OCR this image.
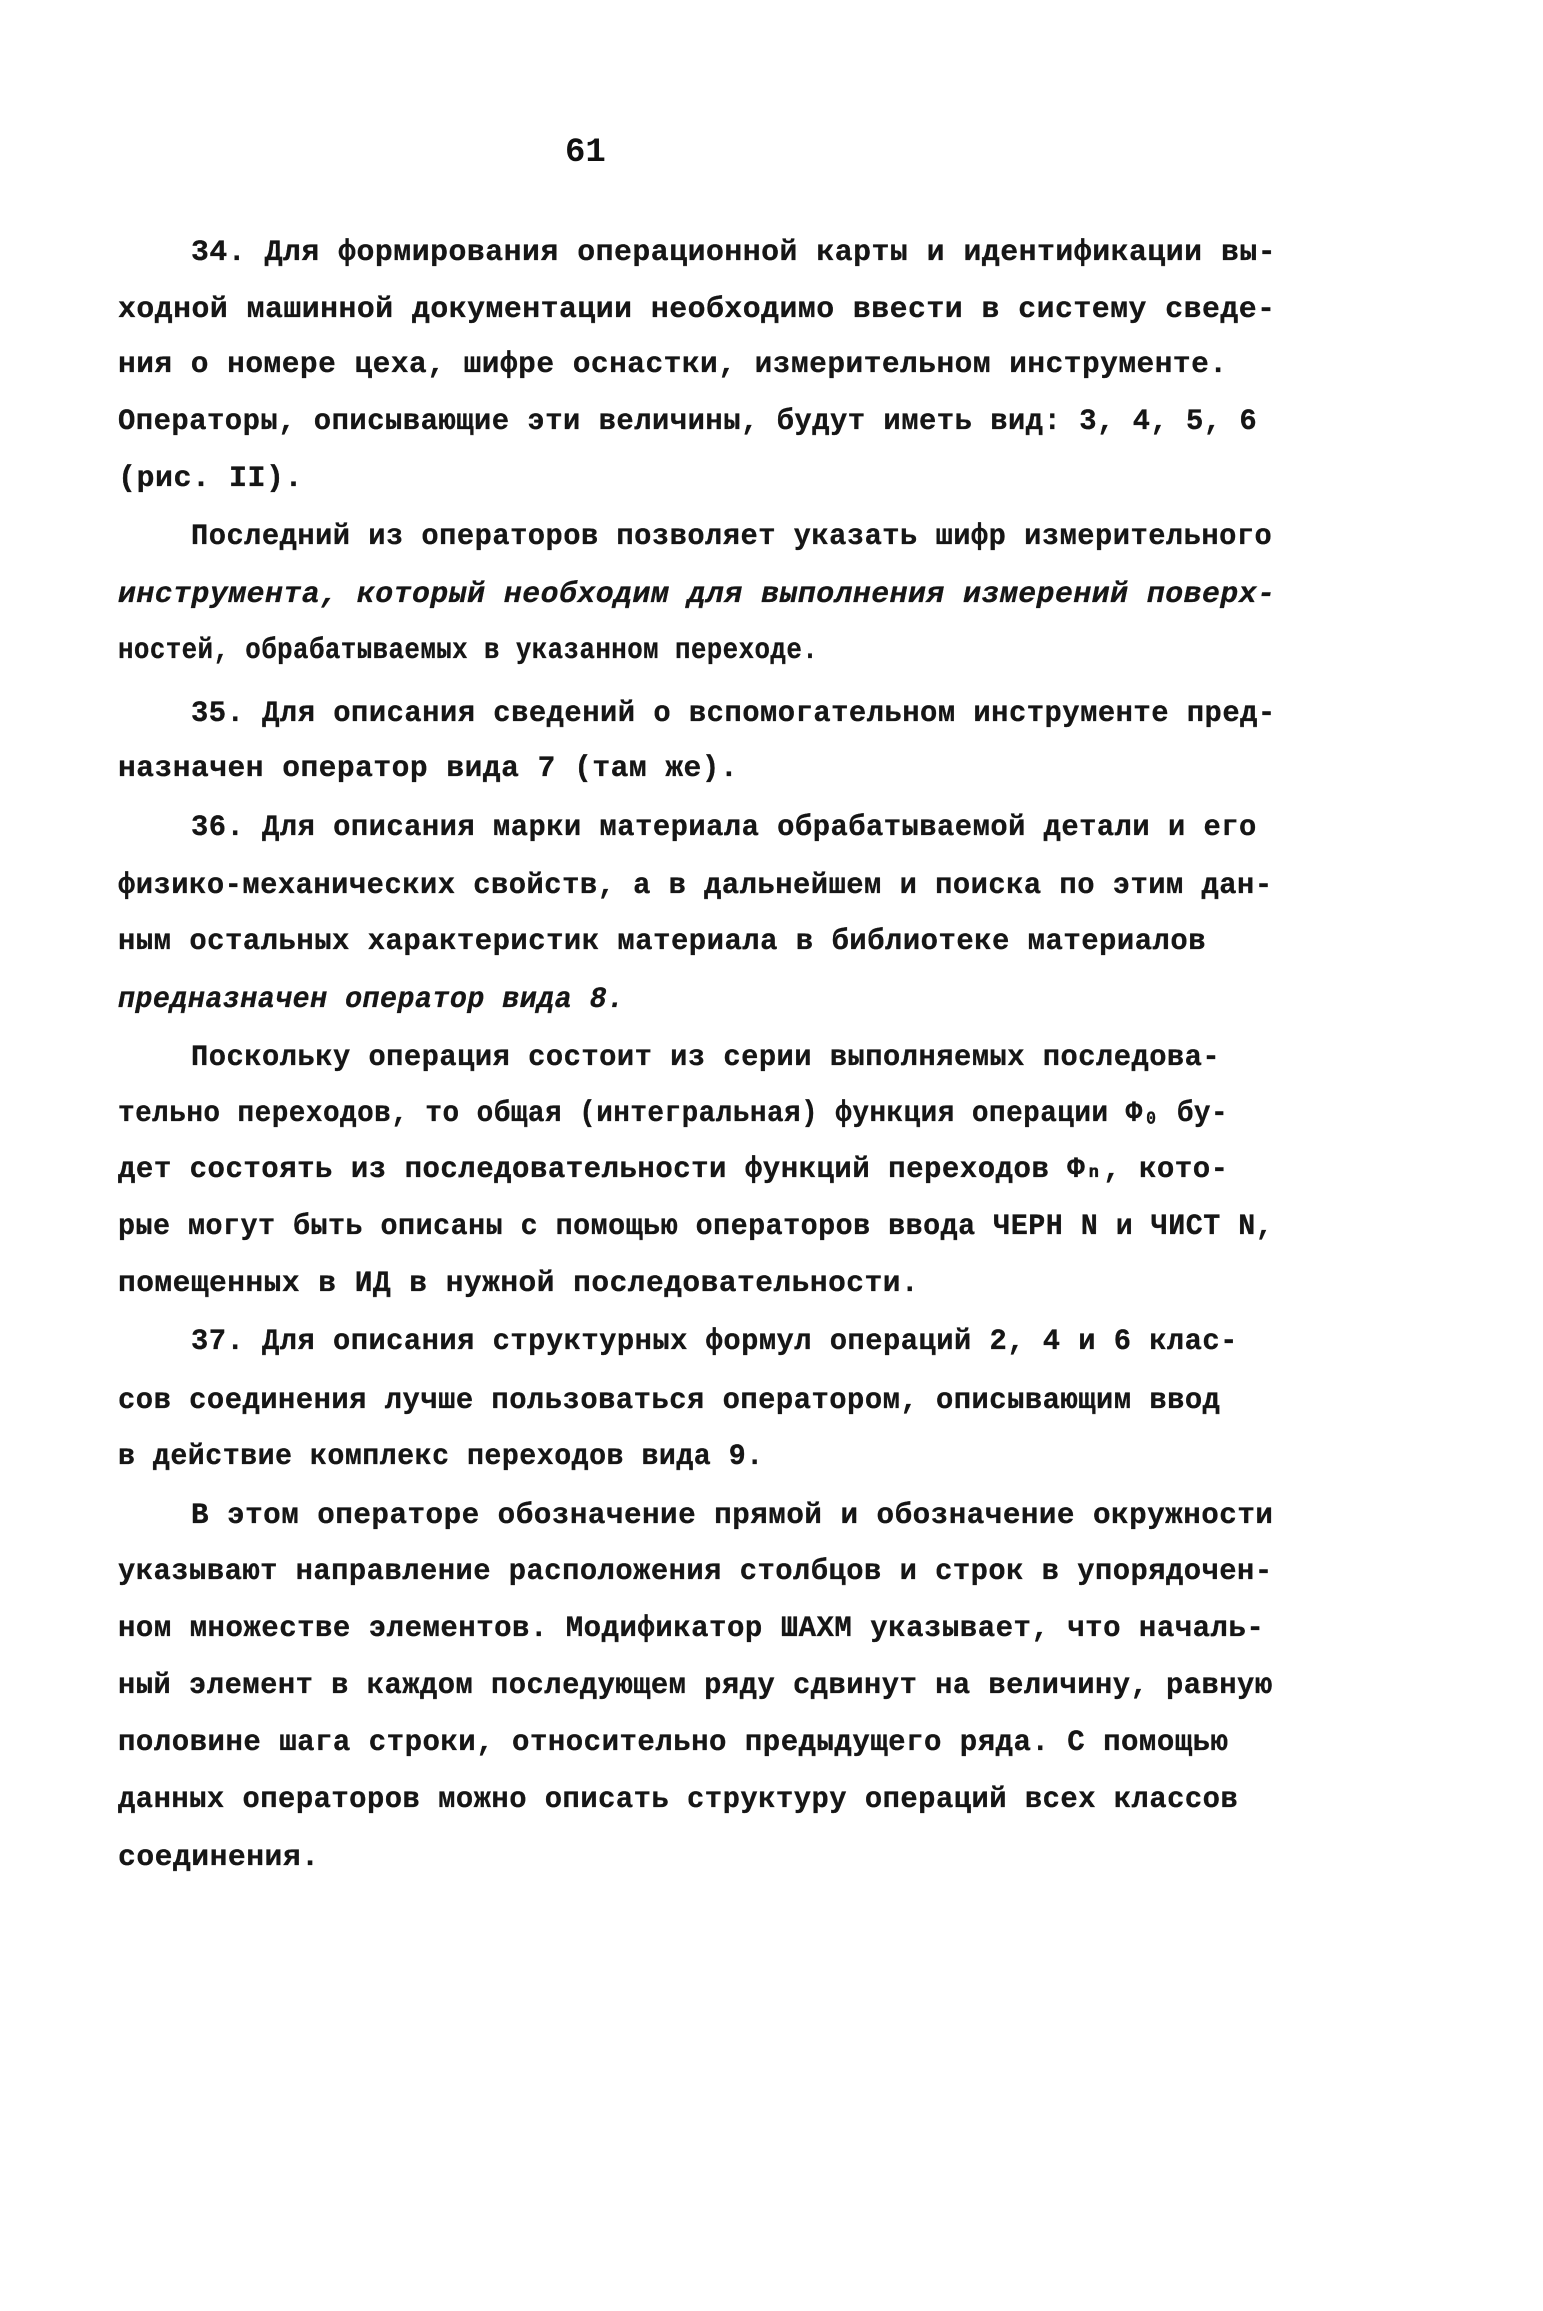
61
34. Для формирования операционной карты и идентификации вы-
ходной машинной документации необходимо ввести в систему сведе-
ния о номере цеха, шифре оснастки, измерительном инструменте.
Операторы, описывающие эти величины, будут иметь вид: 3, 4, 5, 6
(рис. II).
Последний из операторов позволяет указать шифр измерительного
инструмента, который необходим для выполнения измерений поверх-
ностей, обрабатываемых в указанном переходе.
35. Для описания сведений о вспомогательном инструменте пред-
назначен оператор вида 7 (там же).
36. Для описания марки материала обрабатываемой детали и его
физико-механических свойств, а в дальнейшем и поиска по этим дан-
ным остальных характеристик материала в библиотеке материалов
предназначен оператор вида 8.
Поскольку операция состоит из серии выполняемых последова-
тельно переходов, то общая (интегральная) функция операции Ф₀ бу-
дет состоять из последовательности функций переходов Фₙ, кото-
рые могут быть описаны с помощью операторов ввода ЧЕРН N и ЧИСТ N,
помещенных в ИД в нужной последовательности.
37. Для описания структурных формул операций 2, 4 и 6 клас-
сов соединения лучше пользоваться оператором, описывающим ввод
в действие комплекс переходов вида 9.
В этом операторе обозначение прямой и обозначение окружности
указывают направление расположения столбцов и строк в упорядочен-
ном множестве элементов. Модификатор ШАХМ указывает, что началь-
ный элемент в каждом последующем ряду сдвинут на величину, равную
половине шага строки, относительно предыдущего ряда. С помощью
данных операторов можно описать структуру операций всех классов
соединения.
